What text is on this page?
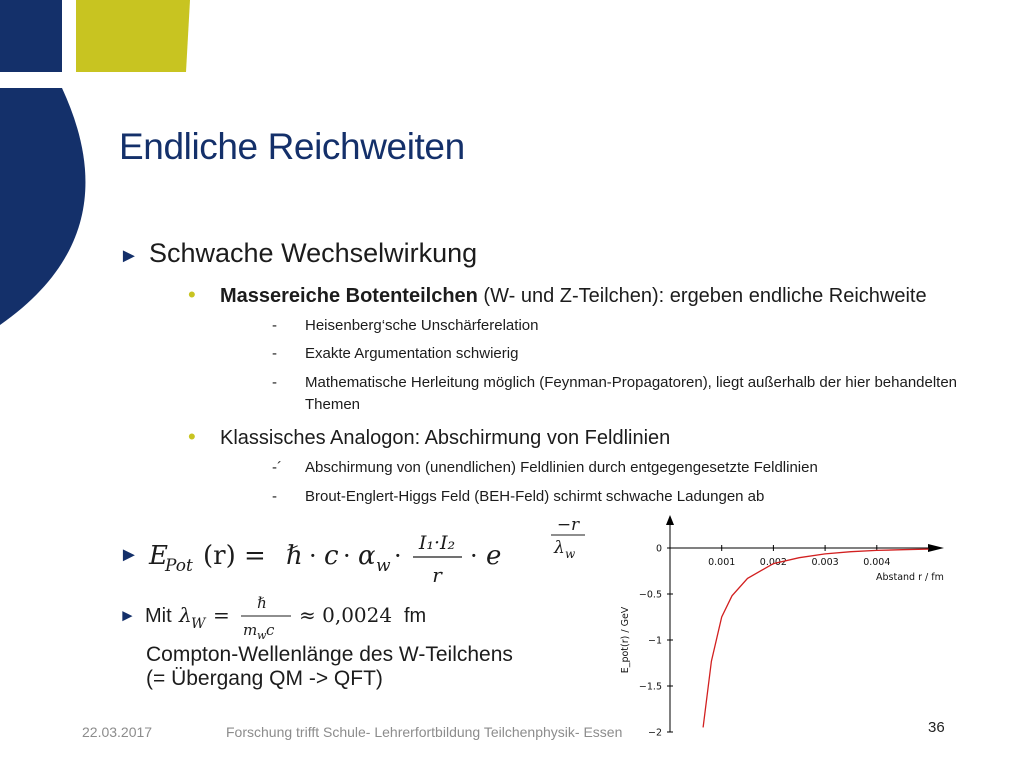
Endliche Reichweiten
► Schwache Wechselwirkung
• Massereiche Botenteilchen (W- und Z-Teilchen): ergeben endliche Reichweite
- Heisenberg‘sche Unschärferelation
- Exakte Argumentation schwierig
- Mathematische Herleitung möglich (Feynman-Propagatoren), liegt außerhalb der hier behandelten Themen
• Klassisches Analogon: Abschirmung von Feldlinien
-´ Abschirmung von (unendlichen) Feldlinien durch entgegengesetzte Feldlinien
- Brout-Englert-Higgs Feld (BEH-Feld) schirmt schwache Ladungen ab
► E
Pot (r) = ℏ · c · α w · I₁·I₂
r
· e
−r
λ w
► Mit λ W = ℏ
m w c
≈ 0,0024 fm
Compton-Wellenlänge des W-Teilchens
(= Übergang QM -> QFT)
0.001	0.002	0.003	0.004
0
−0.5
−1
−1.5
−2
Abstand r / fm
E_pot(r) / GeV
22.03.2017	Forschung trifft Schule- Lehrerfortbildung Teilchenphysik- Essen	36
